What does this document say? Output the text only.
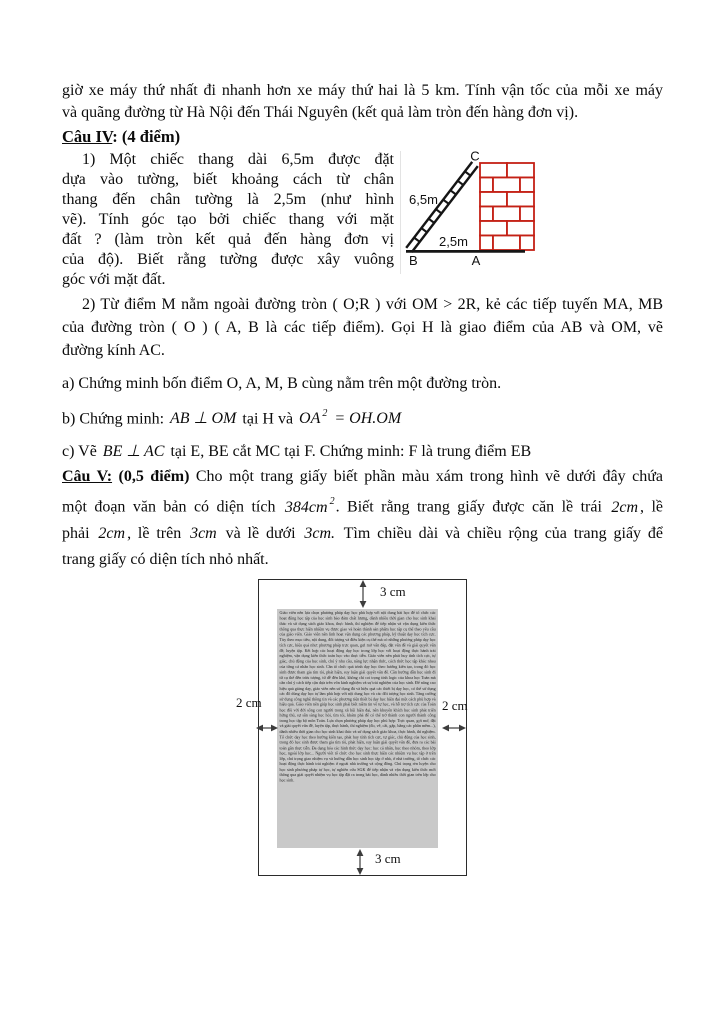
giờ xe máy thứ nhất đi nhanh hơn xe máy thứ hai là 5 km. Tính vận tốc của mỗi xe máy
và quãng đường từ Hà Nội đến Thái Nguyên (kết quả làm tròn đến hàng đơn vị).
Câu IV: (4 điểm)
1) Một chiếc thang dài 6,5m được đặt
dựa vào tường, biết khoảng cách từ chân
thang đến chân tường là 2,5m (như hình
vẽ). Tính góc tạo bởi chiếc thang với mặt
đất ? (làm tròn kết quả đến hàng đơn vị
của độ). Biết rằng tường được xây vuông
góc với mặt đất.
C
6,5m
2,5m
B	A
2) Từ điểm M nằm ngoài đường tròn ( O;R ) với OM > 2R, kẻ các tiếp tuyến MA, MB
của đường tròn ( O ) ( A, B là các tiếp điểm). Gọi H là giao điểm của AB và OM, vẽ
đường kính AC.
a) Chứng minh bốn điểm O, A, M, B cùng nằm trên một đường tròn.
b) Chứng minh: AB ⊥ OM tại H và OA $^2$ = OH.OM
c) Vẽ BE ⊥ AC tại E, BE cắt MC tại F. Chứng minh: F là trung điểm EB
Câu V: (0,5 điểm) Cho một trang giấy biết phần màu xám trong hình vẽ dưới đây chứa
một đoạn văn bản có diện tích 384cm $^2$. Biết rằng trang giấy được căn lề trái 2cm , lề
phải 2cm , lề trên 3cm và lề dưới 3cm. Tìm chiều dài và chiều rộng của trang giấy để
trang giấy có diện tích nhỏ nhất.
Giáo viên nên lựa chọn phương pháp dạy học phù hợp với nội dung bài học để tổ chức các hoạt động học tập của học sinh bảo đảm chất lượng, dành nhiều thời gian cho học sinh khai thác và sử dụng sách giáo khoa, thực hành, thí nghiệm để tiếp nhận và vận dụng kiến thức thông qua thực hiện nhiệm vụ được giao và hoàn thành sản phẩm học tập cụ thể theo yêu cầu của giáo viên. Giáo viên nên linh hoạt vận dụng các phương pháp, kỹ thuật dạy học tích cực. Tùy theo mục tiêu, nội dung, đối tượng và điều kiện cụ thể mà có những phương pháp dạy học tích cực, hiệu quả như: phương pháp trực quan, gợi mở vấn đáp, đặt vấn đề và giải quyết vấn đề, luyện tập. Kết hợp các hoạt động dạy học trong lớp học với hoạt động thực hành trải nghiệm, vận dụng kiến thức toán học vào thực tiễn. Giáo viên nên phát huy tính tích cực, tự giác, chủ động của học sinh, chú ý nhu cầu, năng lực nhận thức, cách thức học tập khác nhau của từng cá nhân học sinh. Cần tổ chức quá trình dạy học theo hướng kiến tạo, trong đó học sinh được tham gia tìm tòi, phát hiện, suy luận giải quyết vấn đề. Cần hướng dẫn học sinh đi từ cụ thể đến trừu tượng, từ dễ đến khó, không chỉ coi trọng tính logic của khoa học Toán mà cần chú ý cách tiếp cận dựa trên vốn kinh nghiệm và sự trải nghiệm của học sinh. Để nâng cao hiệu quả giảng dạy, giáo viên nên sử dụng đủ và hiệu quả các thiết bị dạy học, có thể sử dụng các đồ dùng dạy học tự làm phù hợp với nội dung học và các đối tượng học sinh. Tăng cường sử dụng công nghệ thông tin và các phương tiện thiết bị dạy học hiện đại một cách phù hợp và hiệu quả. Giáo viên nên giúp học sinh phải biết niềm tin về tự học, và hỗ trợ tích cực của Toán học đối với đời sống con người trong xã hội hiện đại, nên khuyến khích học sinh phát triển hứng thú, sự sẵn sàng học hỏi, tìm tòi, khám phá để có thể trở thành con người thành công trong học tập bộ môn Toán. Lựa chọn phương pháp dạy học phù hợp: Trực quan, gợi mở, đặt và giải quyết vấn đề, luyện tập, thực hành, thí nghiệm (đo, vẽ, cắt, gấp, bằng các phần mềm...), dành nhiều thời gian cho học sinh khai thác và sử dụng sách giáo khoa, thực hành, thí nghiệm. Tổ chức dạy học theo hướng kiến tạo, phát huy tính tích cực, tự giác, chủ động của học sinh, trong đó học sinh được tham gia tìm tòi, phát hiện, suy luận giải quyết vấn đề, đưa ra các bài toán gần thực tiễn. Đa dạng hóa các hình thức dạy học: học cá nhân, học theo nhóm, theo lớp học, ngoài lớp học... Người viết tổ chức cho học sinh thực hiện các nhiệm vụ học tập ở trên lớp, chú trọng giao nhiệm vụ và hướng dẫn học sinh học tập ở nhà, ở nhà trường, tổ chức các hoạt động thực hành trải nghiệm ở ngoài nhà trường và cộng đồng. Chú trọng rèn luyện cho học sinh phương pháp tự học, tự nghiên cứu SGK để tiếp nhận và vận dụng kiến thức mới thông qua giải quyết nhiệm vụ học tập đặt ra trong bài học, dành nhiều thời gian trên lớp cho học sinh.
3 cm
3 cm
2 cm	2 cm
